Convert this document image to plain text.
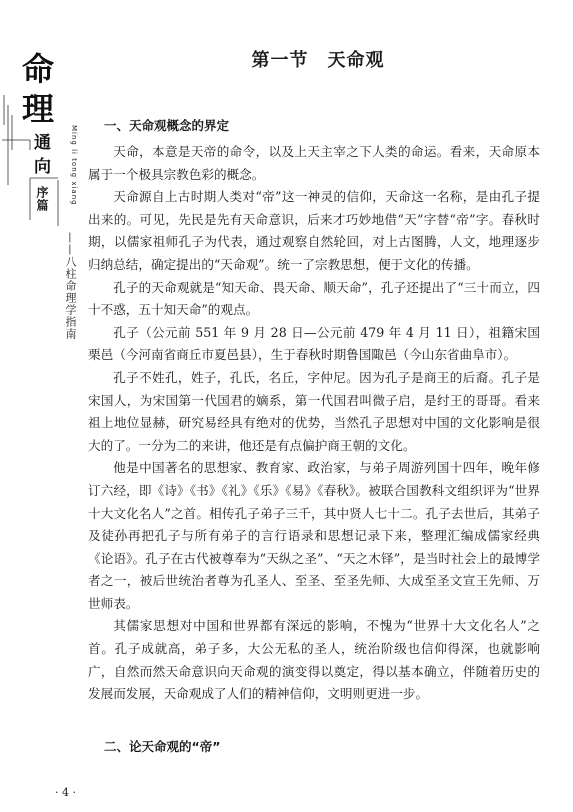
命
理
通
向	Ming li tong xiang
序篇
——八柱命理学指南
第一节　天命观
一、天命观概念的界定

天命，本意是天帝的命令，以及上天主宰之下人类的命运。看来，天命原本属于一个极具宗教色彩的概念。

天命源自上古时期人类对“帝”这一神灵的信仰，天命这一名称，是由孔子提出来的。可见，先民是先有天命意识，后来才巧妙地借“天”字替“帝”字。春秋时期，以儒家祖师孔子为代表，通过观察自然轮回，对上古图腾，人文，地理逐步归纳总结，确定提出的“天命观”。统一了宗教思想，便于文化的传播。

孔子的天命观就是“知天命、畏天命、顺天命”，孔子还提出了“三十而立，四十不惑，五十知天命”的观点。

孔子（公元前 551 年 9 月 28 日—公元前 479 年 4 月 11 日），祖籍宋国栗邑（今河南省商丘市夏邑县），生于春秋时期鲁国陬邑（今山东省曲阜市）。

孔子不姓孔，姓子，孔氏，名丘，字仲尼。因为孔子是商王的后裔。孔子是宋国人，为宋国第一代国君的嫡系，第一代国君叫微子启，是纣王的哥哥。看来祖上地位显赫，研究易经具有绝对的优势，当然孔子思想对中国的文化影响是很大的了。一分为二的来讲，他还是有点偏护商王朝的文化。

他是中国著名的思想家、教育家、政治家，与弟子周游列国十四年，晚年修订六经，即《诗》《书》《礼》《乐》《易》《春秋》。被联合国教科文组织评为“世界十大文化名人”之首。相传孔子弟子三千，其中贤人七十二。孔子去世后，其弟子及徒孙再把孔子与所有弟子的言行语录和思想记录下来，整理汇编成儒家经典《论语》。孔子在古代被尊奉为“天纵之圣”、“天之木铎”，是当时社会上的最博学者之一，被后世统治者尊为孔圣人、至圣、至圣先师、大成至圣文宣王先师、万世师表。

其儒家思想对中国和世界都有深远的影响，不愧为“世界十大文化名人”之首。孔子成就高，弟子多，大公无私的圣人，统治阶级也信仰得深，也就影响广，自然而然天命意识向天命观的演变得以奠定，得以基本确立，伴随着历史的发展而发展，天命观成了人们的精神信仰，文明则更进一步。

二、论天命观的“帝”
· 4 ·
